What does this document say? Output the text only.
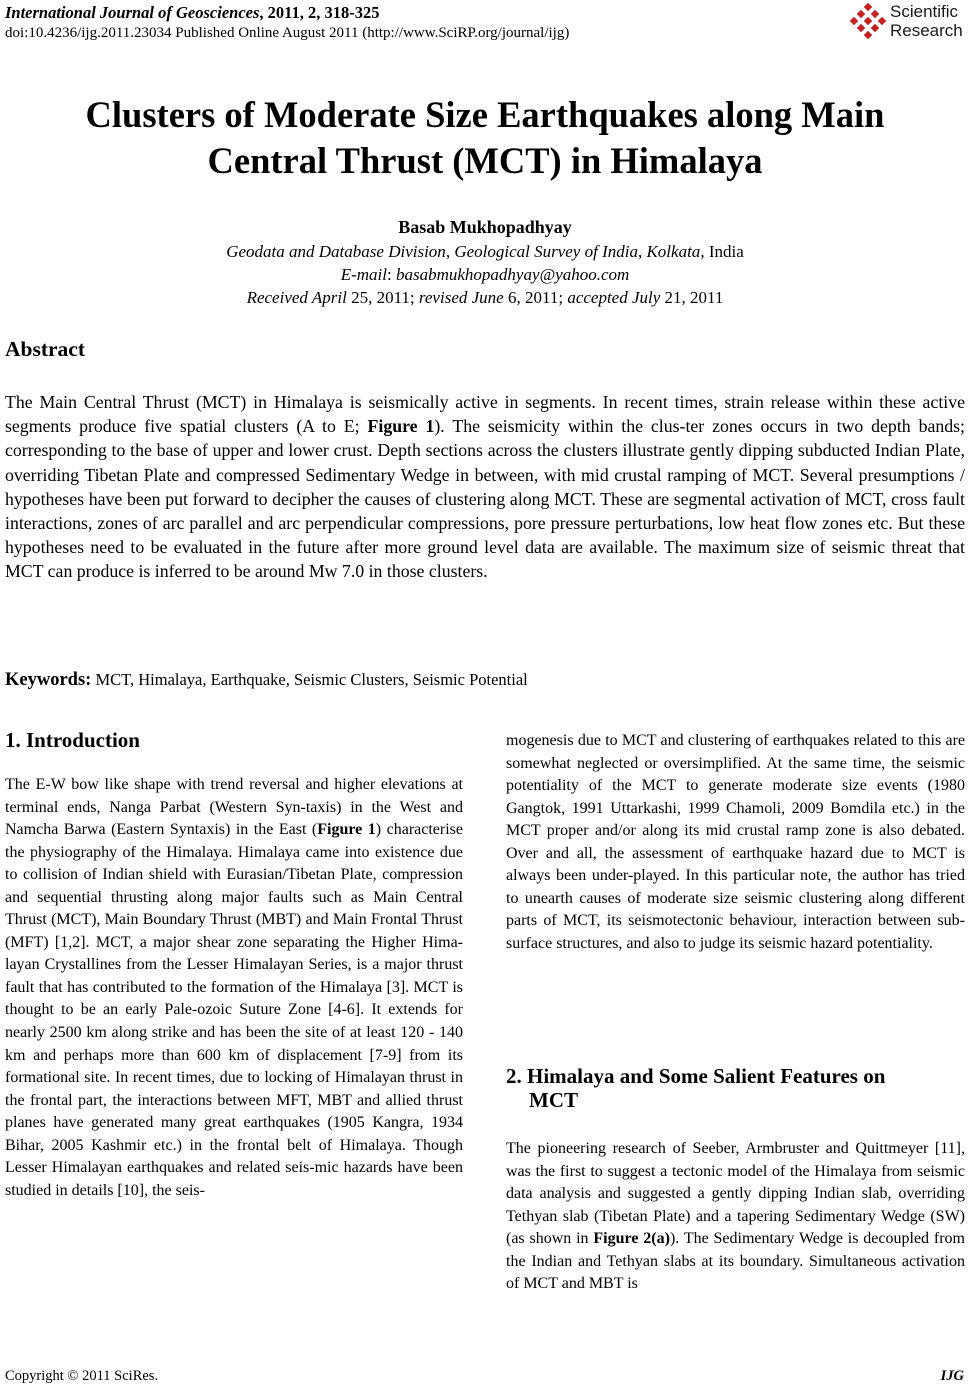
International Journal of Geosciences, 2011, 2, 318-325
doi:10.4236/ijg.2011.23034 Published Online August 2011 (http://www.SciRP.org/journal/ijg)
Scientific
Research
Clusters of Moderate Size Earthquakes along Main
Central Thrust (MCT) in Himalaya
Basab Mukhopadhyay
Geodata and Database Division, Geological Survey of India, Kolkata, India
E-mail: basabmukhopadhyay@yahoo.com
Received April 25, 2011; revised June 6, 2011; accepted July 21, 2011
Abstract
The Main Central Thrust (MCT) in Himalaya is seismically active in segments. In recent times, strain release within these active segments produce five spatial clusters (A to E; Figure 1). The seismicity within the clus-ter zones occurs in two depth bands; corresponding to the base of upper and lower crust. Depth sections across the clusters illustrate gently dipping subducted Indian Plate, overriding Tibetan Plate and compressed Sedimentary Wedge in between, with mid crustal ramping of MCT. Several presumptions / hypotheses have been put forward to decipher the causes of clustering along MCT. These are segmental activation of MCT, cross fault interactions, zones of arc parallel and arc perpendicular compressions, pore pressure perturbations, low heat flow zones etc. But these hypotheses need to be evaluated in the future after more ground level data are available. The maximum size of seismic threat that MCT can produce is inferred to be around Mw 7.0 in those clusters.
Keywords: MCT, Himalaya, Earthquake, Seismic Clusters, Seismic Potential
1. Introduction
The E-W bow like shape with trend reversal and higher elevations at terminal ends, Nanga Parbat (Western Syn-taxis) in the West and Namcha Barwa (Eastern Syntaxis) in the East (Figure 1) characterise the physiography of the Himalaya. Himalaya came into existence due to collision of Indian shield with Eurasian/Tibetan Plate, compression and sequential thrusting along major faults such as Main Central Thrust (MCT), Main Boundary Thrust (MBT) and Main Frontal Thrust (MFT) [1,2]. MCT, a major shear zone separating the Higher Hima-layan Crystallines from the Lesser Himalayan Series, is a major thrust fault that has contributed to the formation of the Himalaya [3]. MCT is thought to be an early Pale-ozoic Suture Zone [4-6]. It extends for nearly 2500 km along strike and has been the site of at least 120 - 140 km and perhaps more than 600 km of displacement [7-9] from its formational site. In recent times, due to locking of Himalayan thrust in the frontal part, the interactions between MFT, MBT and allied thrust planes have generated many great earthquakes (1905 Kangra, 1934 Bihar, 2005 Kashmir etc.) in the frontal belt of Himalaya. Though Lesser Himalayan earthquakes and related seis-mic hazards have been studied in details [10], the seis-
mogenesis due to MCT and clustering of earthquakes related to this are somewhat neglected or oversimplified. At the same time, the seismic potentiality of the MCT to generate moderate size events (1980 Gangtok, 1991 Uttarkashi, 1999 Chamoli, 2009 Bomdila etc.) in the MCT proper and/or along its mid crustal ramp zone is also debated. Over and all, the assessment of earthquake hazard due to MCT is always been under-played. In this particular note, the author has tried to unearth causes of moderate size seismic clustering along different parts of MCT, its seismotectonic behaviour, interaction between sub-surface structures, and also to judge its seismic hazard potentiality.
2. Himalaya and Some Salient Features on
MCT
The pioneering research of Seeber, Armbruster and Quittmeyer [11], was the first to suggest a tectonic model of the Himalaya from seismic data analysis and suggested a gently dipping Indian slab, overriding Tethyan slab (Tibetan Plate) and a tapering Sedimentary Wedge (SW) (as shown in Figure 2(a)). The Sedimentary Wedge is decoupled from the Indian and Tethyan slabs at its boundary. Simultaneous activation of MCT and MBT is
Copyright © 2011 SciRes.	IJG
